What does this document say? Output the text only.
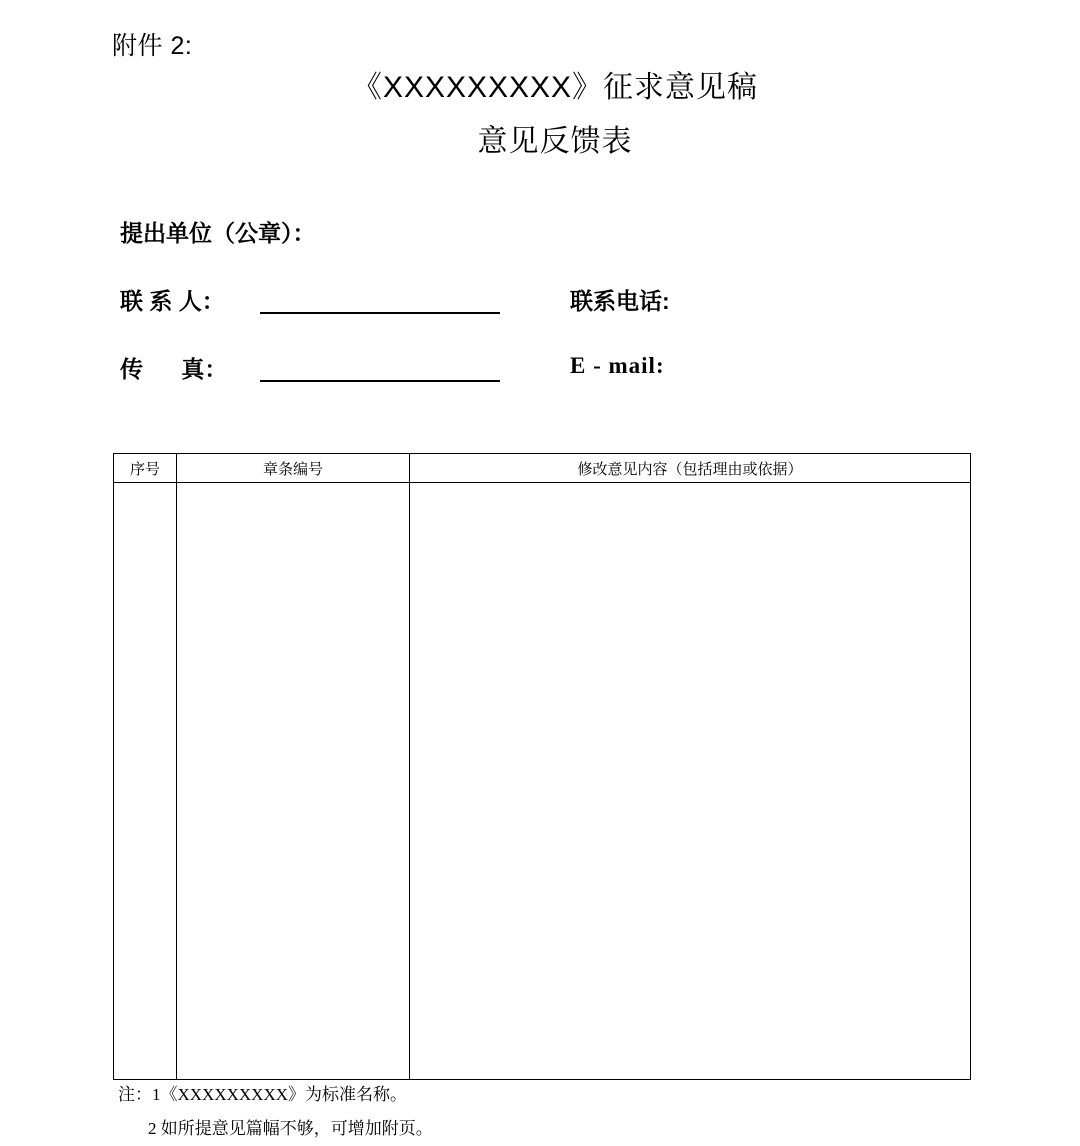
附件 2:
《XXXXXXXXX》征求意见稿
意见反馈表
提出单位（公章）：
联 系 人：	联系电话:
传      真：	E - mail:
序号	章条编号	修改意见内容（包括理由或依据）

注：1《XXXXXXXXX》为标准名称。
2 如所提意见篇幅不够，可增加附页。
